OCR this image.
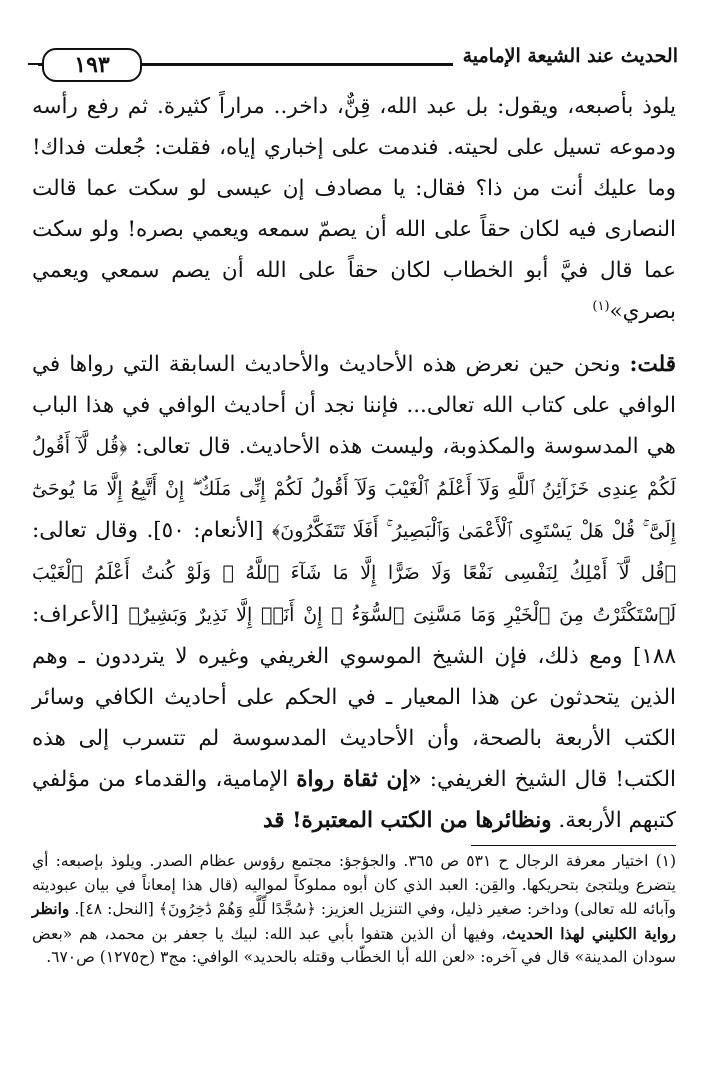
الحديث عند الشيعة الإمامية
١٩٣

يلوذ بأصبعه، ويقول: بل عبد الله، قِنٌّ، داخر.. مراراً كثيرة. ثم رفع رأسه ودموعه تسيل على لحيته. فندمت على إخباري إياه، فقلت: جُعلت فداك! وما عليك أنت من ذا؟ فقال: يا مصادف إن عيسى لو سكت عما قالت النصارى فيه لكان حقاً على الله أن يصمّ سمعه ويعمي بصره! ولو سكت عما قال فيَّ أبو الخطاب لكان حقاً على الله أن يصم سمعي ويعمي بصري»$^{(١)}$

قلت: ونحن حين نعرض هذه الأحاديث والأحاديث السابقة التي رواها في الوافي على كتاب الله تعالى... فإننا نجد أن أحاديث الوافي في هذا الباب هي المدسوسة والمكذوبة، وليست هذه الأحاديث. قال تعالى: ﴿قُل لَّآ أَقُولُ لَكُمْ عِندِى خَزَآئِنُ ٱللَّهِ وَلَآ أَعْلَمُ ٱلْغَيْبَ وَلَآ أَقُولُ لَكُمْ إِنِّى مَلَكٌ ۖ إِنْ أَتَّبِعُ إِلَّا مَا يُوحَىٰٓ إِلَىَّ ۚ قُلْ هَلْ يَسْتَوِى ٱلْأَعْمَىٰ وَٱلْبَصِيرُ ۚ أَفَلَا تَتَفَكَّرُونَ﴾ [الأنعام: ٥٠]. وقال تعالى: ﴿قُل لَّآ أَمْلِكُ لِنَفْسِى نَفْعًا وَلَا ضَرًّا إِلَّا مَا شَآءَ ٱللَّهُ ۚ وَلَوْ كُنتُ أَعْلَمُ ٱلْغَيْبَ لَٱسْتَكْثَرْتُ مِنَ ٱلْخَيْرِ وَمَا مَسَّنِىَ ٱلسُّوٓءُ ۚ إِنْ أَنَا۠ إِلَّا نَذِيرٌ وَبَشِيرٌ﴾ [الأعراف: ١٨٨] ومع ذلك، فإن الشيخ الموسوي الغريفي وغيره لا يترددون ـ وهم الذين يتحدثون عن هذا المعيار ـ في الحكم على أحاديث الكافي وسائر الكتب الأربعة بالصحة، وأن الأحاديث المدسوسة لم تتسرب إلى هذه الكتب! قال الشيخ الغريفي: «إن ثقاة رواة الإمامية، والقدماء من مؤلفي كتبهم الأربعة. ونظائرها من الكتب المعتبرة! قد

(١) اختيار معرفة الرجال ح ٥٣١ ص ٣٦٥. والجؤجؤ: مجتمع رؤوس عظام الصدر. ويلوذ بإصبعه: أي يتضرع ويلتجئ بتحريكها. والقِن: العبد الذي كان أبوه مملوكاً لمواليه (قال هذا إمعاناً في بيان عبوديته وآبائه لله تعالى) وداخر: صغير ذليل، وفي التنزيل العزيز: ﴿سُجَّدًا لِّلَّهِ وَهُمْ دَٰخِرُونَ﴾ [النحل: ٤٨]. وانظر رواية الكليني لهذا الحديث، وفيها أن الذين هتفوا بأبي عبد الله: لبيك يا جعفر بن محمد، هم «بعض سودان المدينة» قال في آخره: «لعن الله أبا الخطّاب وقتله بالحديد» الوافي: مج٣ (ح١٢٧٥) ص٦٧٠.
